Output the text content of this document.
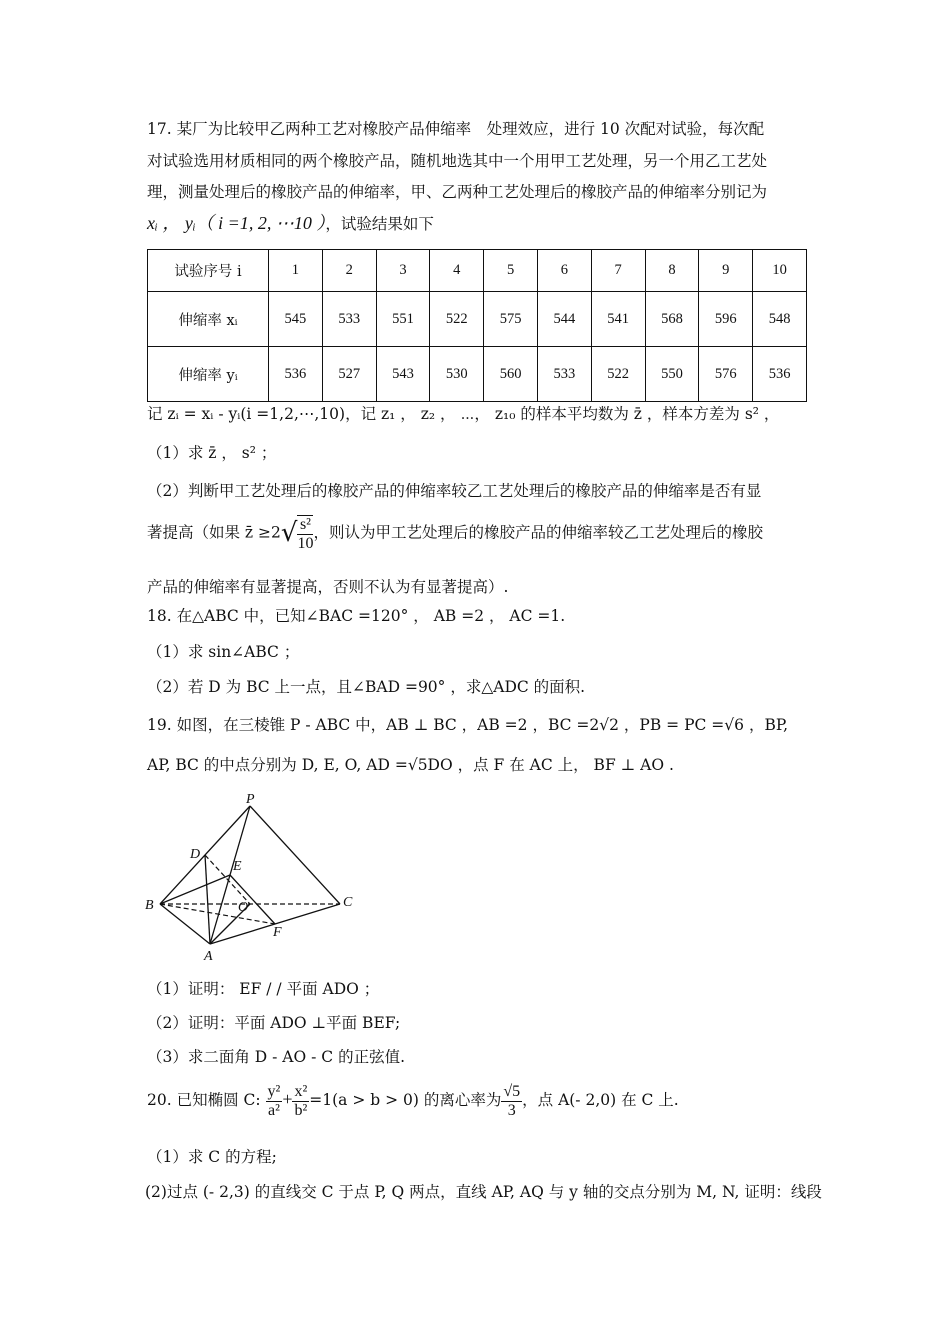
17. 某厂为比较甲乙两种工艺对橡胶产品伸缩率　处理效应，进行 10 次配对试验，每次配
对试验选用材质相同的两个橡胶产品，随机地选其中一个用甲工艺处理，另一个用乙工艺处
理，测量处理后的橡胶产品的伸缩率，甲、乙两种工艺处理后的橡胶产品的伸缩率分别记为
xᵢ ， yᵢ（ i =1, 2, ⋯10 ），试验结果如下
试验序号 i	1	2	3	4	5	6	7	8	9	10
伸缩率 xᵢ	545	533	551	522	575	544	541	568	596	548
伸缩率 yᵢ	536	527	543	530	560	533	522	550	576	536
记 zᵢ = xᵢ - yᵢ(i =1,2,⋯,10)，记 z₁ ， z₂ ， ⋯， z₁₀ 的样本平均数为 z̄ ，样本方差为 s² ，
（1）求 z̄ ， s² ；
（2）判断甲工艺处理后的橡胶产品的伸缩率较乙工艺处理后的橡胶产品的伸缩率是否有显
著提高（如果 z̄ $\ge 2√ \frac{\text{s²}}{10}$ ，则认为甲工艺处理后的橡胶产品的伸缩率较乙工艺处理后的橡胶
产品的伸缩率有显著提高，否则不认为有显著提高）.
18. 在△ABC 中，已知∠BAC =120° ， AB =2 ， AC =1.
（1）求 sin∠ABC ；
（2）若 D 为 BC 上一点，且∠BAD =90° ，求△ADC 的面积.
19. 如图，在三棱锥 P - ABC 中，AB ⊥ BC ，AB =2 ，BC =2√2 ，PB = PC =√6 ，BP,
AP, BC 的中点分别为 D, E, O, AD =√5DO ，点 F 在 AC 上， BF ⊥ AO .
P
D
E
B	O	C
F
A
（1）证明： EF / / 平面 ADO ；
（2）证明：平面 ADO ⊥平面 BEF;
（3）求二面角 D - AO - C 的正弦值.
20. 已知椭圆 C: $\frac{\text{y²}}{\text{a²}} + \frac{\text{x²}}{\text{b²}} =1(a > b > 0)$ 的离心率为 $\frac{√5}{3}$ ，点 A(- 2,0) 在 C 上.
（1）求 C 的方程;
(2)过点 (- 2,3) 的直线交 C 于点 P, Q 两点，直线 AP, AQ 与 y 轴的交点分别为 M, N, 证明：线段
